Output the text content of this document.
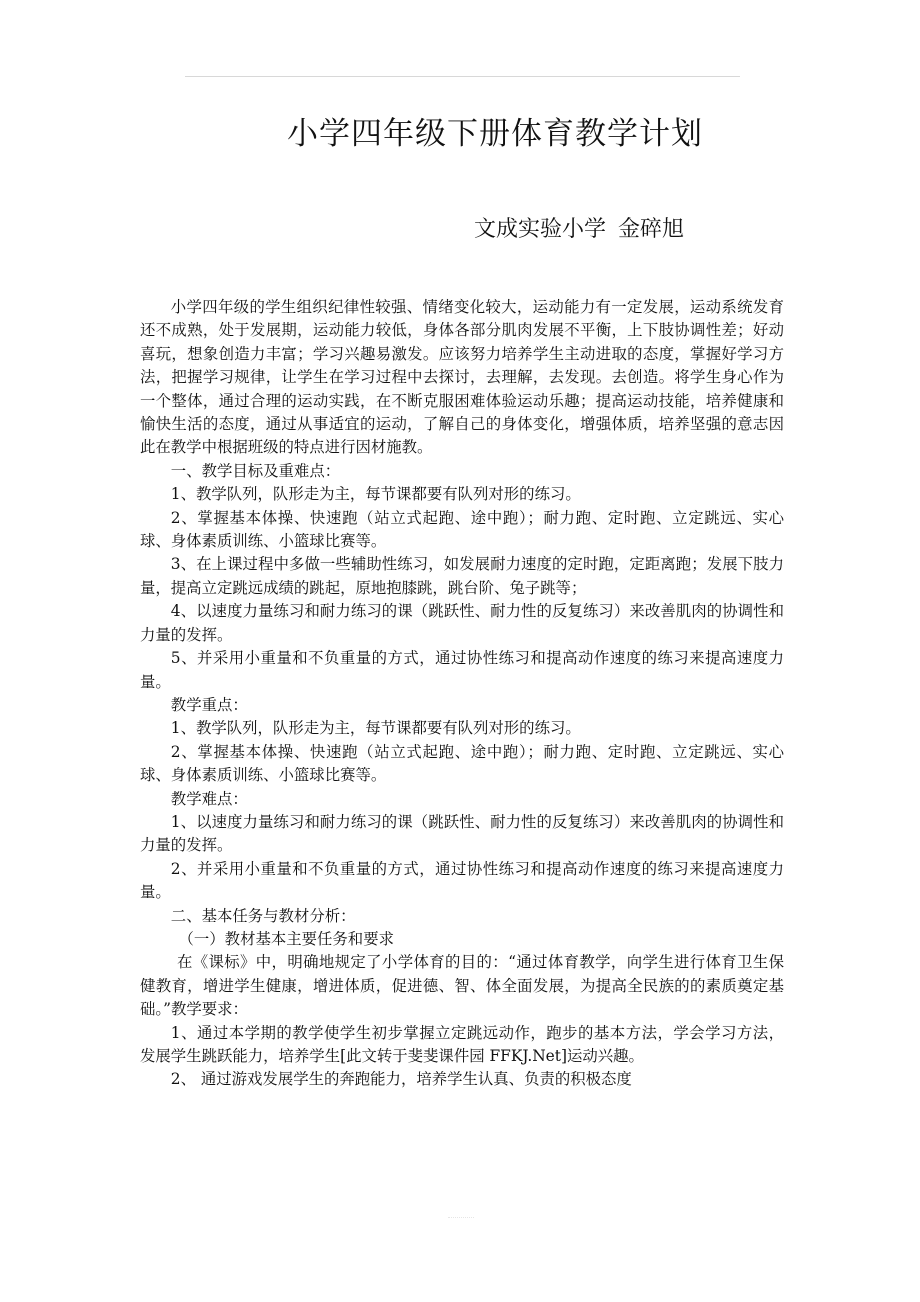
小学四年级下册体育教学计划
文成实验小学 金碎旭

小学四年级的学生组织纪律性较强、情绪变化较大，运动能力有一定发展，运动系统发育还不成熟，处于发展期，运动能力较低，身体各部分肌肉发展不平衡，上下肢协调性差；好动喜玩，想象创造力丰富；学习兴趣易激发。应该努力培养学生主动进取的态度，掌握好学习方法，把握学习规律，让学生在学习过程中去探讨，去理解，去发现。去创造。将学生身心作为一个整体，通过合理的运动实践，在不断克服困难体验运动乐趣；提高运动技能，培养健康和愉快生活的态度，通过从事适宜的运动，了解自己的身体变化，增强体质，培养坚强的意志因此在教学中根据班级的特点进行因材施教。

一、教学目标及重难点：

1、教学队列，队形走为主，每节课都要有队列对形的练习。

2、掌握基本体操、快速跑（站立式起跑、途中跑）；耐力跑、定时跑、立定跳远、实心球、身体素质训练、小篮球比赛等。

3、在上课过程中多做一些辅助性练习，如发展耐力速度的定时跑，定距离跑；发展下肢力量，提高立定跳远成绩的跳起，原地抱膝跳，跳台阶、兔子跳等；

4、以速度力量练习和耐力练习的课（跳跃性、耐力性的反复练习）来改善肌肉的协调性和力量的发挥。

5、并采用小重量和不负重量的方式，通过协性练习和提高动作速度的练习来提高速度力量。

教学重点：

1、教学队列，队形走为主，每节课都要有队列对形的练习。

2、掌握基本体操、快速跑（站立式起跑、途中跑）；耐力跑、定时跑、立定跳远、实心球、身体素质训练、小篮球比赛等。

教学难点：

1、以速度力量练习和耐力练习的课（跳跃性、耐力性的反复练习）来改善肌肉的协调性和力量的发挥。

2、并采用小重量和不负重量的方式，通过协性练习和提高动作速度的练习来提高速度力量。

二、基本任务与教材分析：

（一）教材基本主要任务和要求

在《课标》中，明确地规定了小学体育的目的：“通过体育教学，向学生进行体育卫生保健教育，增进学生健康，增进体质，促进德、智、体全面发展，为提高全民族的的素质奠定基础。”教学要求：

1、通过本学期的教学使学生初步掌握立定跳远动作，跑步的基本方法，学会学习方法， 发展学生跳跃能力，培养学生[此文转于斐斐课件园 FFKJ.Net]运动兴趣。

2、 通过游戏发展学生的奔跑能力，培养学生认真、负责的积极态度
